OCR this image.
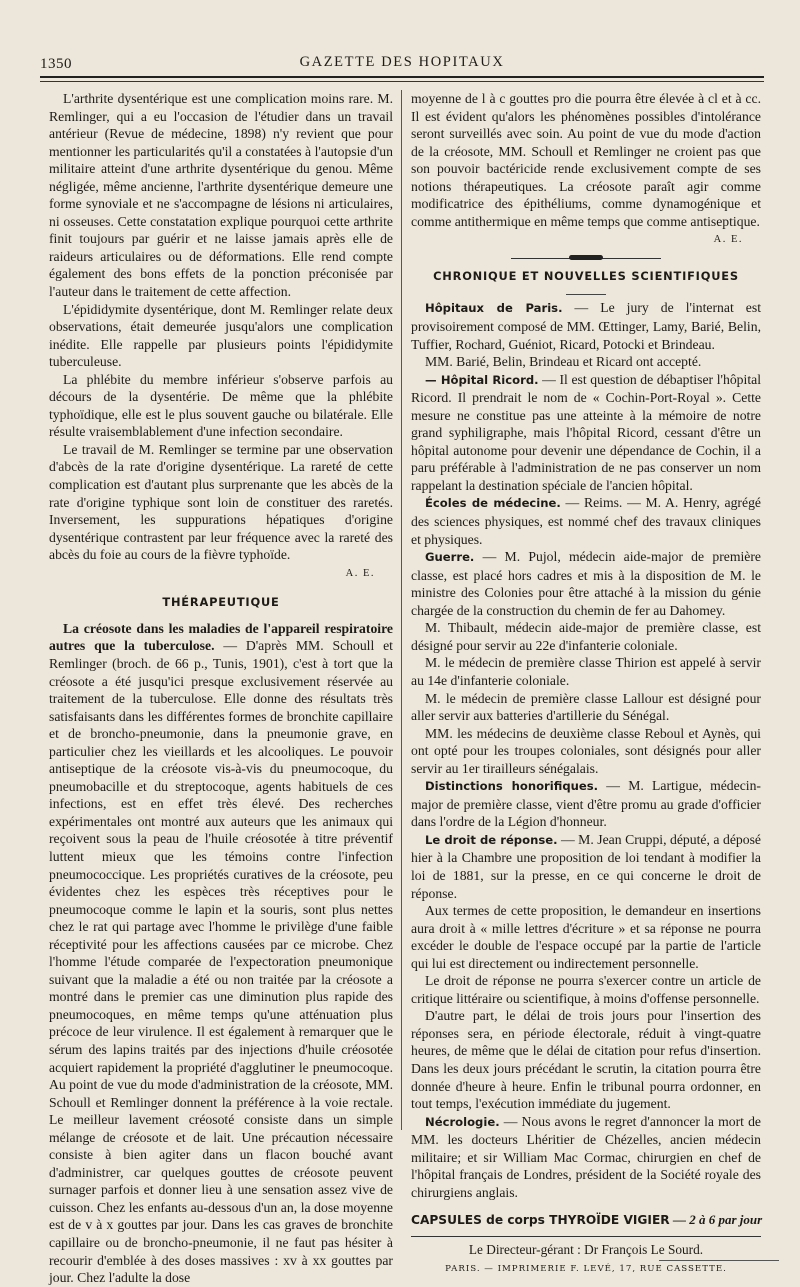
1350	GAZETTE DES HOPITAUX

L'arthrite dysentérique est une complication moins rare. M. Remlinger, qui a eu l'occasion de l'étudier dans un travail antérieur (Revue de médecine, 1898) n'y revient que pour mentionner les particularités qu'il a constatées à l'autopsie d'un militaire atteint d'une arthrite dysentérique du genou. Même négligée, même ancienne, l'arthrite dysentérique demeure une forme synoviale et ne s'accompagne de lésions ni articulaires, ni osseuses. Cette constatation explique pourquoi cette arthrite finit toujours par guérir et ne laisse jamais après elle de raideurs articulaires ou de déformations. Elle rend compte également des bons effets de la ponction préconisée par l'auteur dans le traitement de cette affection.

L'épididymite dysentérique, dont M. Remlinger relate deux observations, était demeurée jusqu'alors une complication inédite. Elle rappelle par plusieurs points l'épididymite tuberculeuse.

La phlébite du membre inférieur s'observe parfois au décours de la dysentérie. De même que la phlébite typhoïdique, elle est le plus souvent gauche ou bilatérale. Elle résulte vraisemblablement d'une infection secondaire.

Le travail de M. Remlinger se termine par une observation d'abcès de la rate d'origine dysentérique. La rareté de cette complication est d'autant plus surprenante que les abcès de la rate d'origine typhique sont loin de constituer des raretés. Inversement, les suppurations hépatiques d'origine dysentérique contrastent par leur fréquence avec la rareté des abcès du foie au cours de la fièvre typhoïde.

A. E.
THÉRAPEUTIQUE

La créosote dans les maladies de l'appareil respiratoire autres que la tuberculose. — D'après MM. Schoull et Remlinger (broch. de 66 p., Tunis, 1901), c'est à tort que la créosote a été jusqu'ici presque exclusivement réservée au traitement de la tuberculose. Elle donne des résultats très satisfaisants dans les différentes formes de bronchite capillaire et de broncho-pneumonie, dans la pneumonie grave, en particulier chez les vieillards et les alcooliques. Le pouvoir antiseptique de la créosote vis-à-vis du pneumocoque, du pneumobacille et du streptocoque, agents habituels de ces infections, est en effet très élevé. Des recherches expérimentales ont montré aux auteurs que les animaux qui reçoivent sous la peau de l'huile créosotée à titre préventif luttent mieux que les témoins contre l'infection pneumococcique. Les propriétés curatives de la créosote, peu évidentes chez les espèces très réceptives pour le pneumocoque comme le lapin et la souris, sont plus nettes chez le rat qui partage avec l'homme le privilège d'une faible réceptivité pour les affections causées par ce microbe. Chez l'homme l'étude comparée de l'expectoration pneumonique suivant que la maladie a été ou non traitée par la créosote a montré dans le premier cas une diminution plus rapide des pneumocoques, en même temps qu'une atténuation plus précoce de leur virulence. Il est également à remarquer que le sérum des lapins traités par des injections d'huile créosotée acquiert rapidement la propriété d'agglutiner le pneumocoque. Au point de vue du mode d'administration de la créosote, MM. Schoull et Remlinger donnent la préférence à la voie rectale. Le meilleur lavement créosoté consiste dans un simple mélange de créosote et de lait. Une précaution nécessaire consiste à bien agiter dans un flacon bouché avant d'administrer, car quelques gouttes de créosote peuvent surnager parfois et donner lieu à une sensation assez vive de cuisson. Chez les enfants au-dessous d'un an, la dose moyenne est de v à x gouttes par jour. Dans les cas graves de bronchite capillaire ou de broncho-pneumonie, il ne faut pas hésiter à recourir d'emblée à des doses massives : xv à xx gouttes par jour. Chez l'adulte la dose

moyenne de l à c gouttes pro die pourra être élevée à cl et à cc. Il est évident qu'alors les phénomènes possibles d'intolérance seront surveillés avec soin. Au point de vue du mode d'action de la créosote, MM. Schoull et Remlinger ne croient pas que son pouvoir bactéricide rende exclusivement compte de ses notions thérapeutiques. La créosote paraît agir comme modificatrice des épithéliums, comme dynamogénique et comme antithermique en même temps que comme antiseptique.

A. E.
CHRONIQUE ET NOUVELLES SCIENTIFIQUES

Hôpitaux de Paris. — Le jury de l'internat est provisoirement composé de MM. Œttinger, Lamy, Barié, Belin, Tuffier, Rochard, Guéniot, Ricard, Potocki et Brindeau.

MM. Barié, Belin, Brindeau et Ricard ont accepté.

— Hôpital Ricord. — Il est question de débaptiser l'hôpital Ricord. Il prendrait le nom de « Cochin-Port-Royal ». Cette mesure ne constitue pas une atteinte à la mémoire de notre grand syphiligraphe, mais l'hôpital Ricord, cessant d'être un hôpital autonome pour devenir une dépendance de Cochin, il a paru préférable à l'administration de ne pas conserver un nom rappelant la destination spéciale de l'ancien hôpital.

Écoles de médecine. — Reims. — M. A. Henry, agrégé des sciences physiques, est nommé chef des travaux cliniques et physiques.

Guerre. — M. Pujol, médecin aide-major de première classe, est placé hors cadres et mis à la disposition de M. le ministre des Colonies pour être attaché à la mission du génie chargée de la construction du chemin de fer au Dahomey.

M. Thibault, médecin aide-major de première classe, est désigné pour servir au 22e d'infanterie coloniale.

M. le médecin de première classe Thirion est appelé à servir au 14e d'infanterie coloniale.

M. le médecin de première classe Lallour est désigné pour aller servir aux batteries d'artillerie du Sénégal.

MM. les médecins de deuxième classe Reboul et Aynès, qui ont opté pour les troupes coloniales, sont désignés pour aller servir au 1er tirailleurs sénégalais.

Distinctions honorifiques. — M. Lartigue, médecin-major de première classe, vient d'être promu au grade d'officier dans l'ordre de la Légion d'honneur.

Le droit de réponse. — M. Jean Cruppi, député, a déposé hier à la Chambre une proposition de loi tendant à modifier la loi de 1881, sur la presse, en ce qui concerne le droit de réponse.

Aux termes de cette proposition, le demandeur en insertions aura droit à « mille lettres d'écriture » et sa réponse ne pourra excéder le double de l'espace occupé par la partie de l'article qui lui est directement ou indirectement personnelle.

Le droit de réponse ne pourra s'exercer contre un article de critique littéraire ou scientifique, à moins d'offense personnelle.

D'autre part, le délai de trois jours pour l'insertion des réponses sera, en période électorale, réduit à vingt-quatre heures, de même que le délai de citation pour refus d'insertion. Dans les deux jours précédant le scrutin, la citation pourra être donnée d'heure à heure. Enfin le tribunal pourra ordonner, en tout temps, l'exécution immédiate du jugement.

Nécrologie. — Nous avons le regret d'annoncer la mort de MM. les docteurs Lhéritier de Chézelles, ancien médecin militaire; et sir William Mac Cormac, chirurgien en chef de l'hôpital français de Londres, président de la Société royale des chirurgiens anglais.

CAPSULES de corps THYROÏDE VIGIER — 2 à 6 par jour
Le Directeur-gérant : Dr François Le Sourd.
PARIS. — IMPRIMERIE F. LEVÉ, 17, RUE CASSETTE.
